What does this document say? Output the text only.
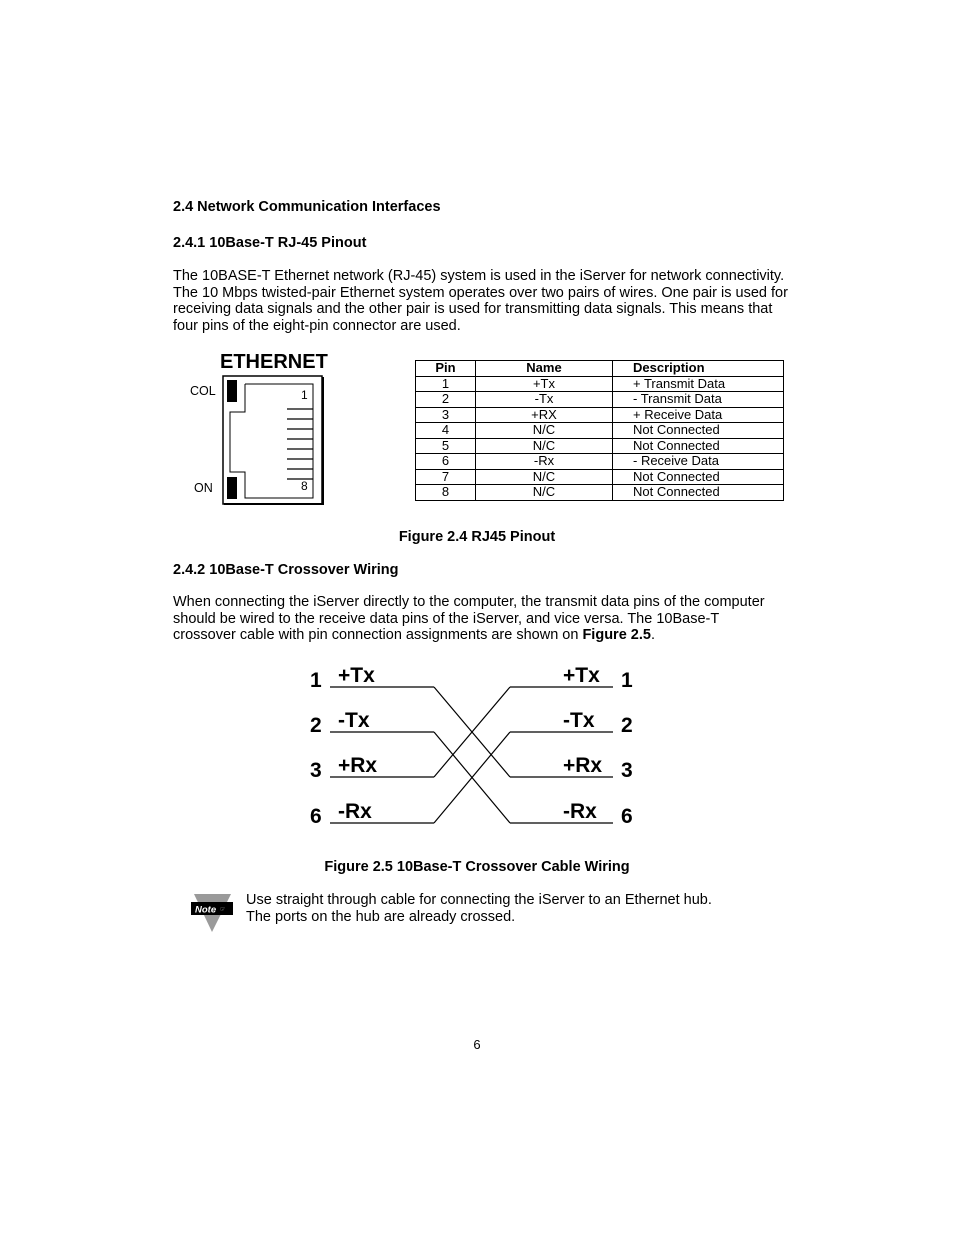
2.4 Network Communication Interfaces
2.4.1 10Base-T RJ-45 Pinout
The 10BASE-T Ethernet network (RJ-45) system is used in the iServer for network connectivity. The 10 Mbps twisted-pair Ethernet system operates over two pairs of wires. One pair is used for receiving data signals and the other pair is used for transmitting data signals. This means that four pins of the eight-pin connector are used.
ETHERNET
1
8
COL
ON
Pin	Name	Description
1	+Tx	+ Transmit Data
2	-Tx	- Transmit Data
3	+RX	+ Receive Data
4	N/C	Not Connected
5	N/C	Not Connected
6	-Rx	- Receive Data
7	N/C	Not Connected
8	N/C	Not Connected
Figure 2.4 RJ45 Pinout
2.4.2 10Base-T Crossover Wiring
When connecting the iServer directly to the computer, the transmit data pins of the computer should be wired to the receive data pins of the iServer, and vice versa. The 10Base-T crossover cable with pin connection assignments are shown on Figure 2.5.
1 +Tx
2 -Tx
3 +Rx
6 -Rx
+Tx 1
-Tx 2
+Rx 3
-Rx 6
Figure 2.5 10Base-T Crossover Cable Wiring
Note ☞
Use straight through cable for connecting the iServer to an Ethernet hub.
The ports on the hub are already crossed.
6
